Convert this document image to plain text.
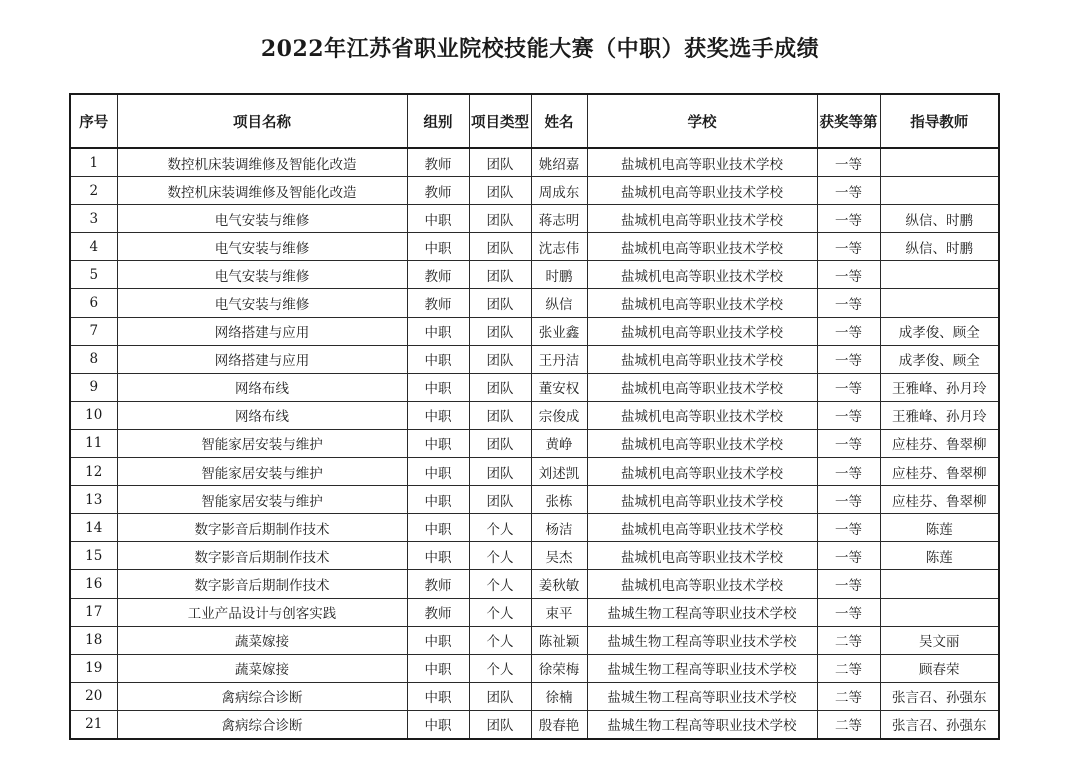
2022年江苏省职业院校技能大赛（中职）获奖选手成绩
序号	项目名称	组别	项目类型	姓名	学校	获奖等第	指导教师
1	数控机床装调维修及智能化改造	教师	团队	姚绍嘉	盐城机电高等职业技术学校	一等	
2	数控机床装调维修及智能化改造	教师	团队	周成东	盐城机电高等职业技术学校	一等	
3	电气安装与维修	中职	团队	蒋志明	盐城机电高等职业技术学校	一等	纵信、时鹏
4	电气安装与维修	中职	团队	沈志伟	盐城机电高等职业技术学校	一等	纵信、时鹏
5	电气安装与维修	教师	团队	时鹏	盐城机电高等职业技术学校	一等	
6	电气安装与维修	教师	团队	纵信	盐城机电高等职业技术学校	一等	
7	网络搭建与应用	中职	团队	张业鑫	盐城机电高等职业技术学校	一等	成孝俊、顾全
8	网络搭建与应用	中职	团队	王丹洁	盐城机电高等职业技术学校	一等	成孝俊、顾全
9	网络布线	中职	团队	董安权	盐城机电高等职业技术学校	一等	王雅峰、孙月玲
10	网络布线	中职	团队	宗俊成	盐城机电高等职业技术学校	一等	王雅峰、孙月玲
11	智能家居安装与维护	中职	团队	黄峥	盐城机电高等职业技术学校	一等	应桂芬、鲁翠柳
12	智能家居安装与维护	中职	团队	刘述凯	盐城机电高等职业技术学校	一等	应桂芬、鲁翠柳
13	智能家居安装与维护	中职	团队	张栋	盐城机电高等职业技术学校	一等	应桂芬、鲁翠柳
14	数字影音后期制作技术	中职	个人	杨洁	盐城机电高等职业技术学校	一等	陈莲
15	数字影音后期制作技术	中职	个人	吴杰	盐城机电高等职业技术学校	一等	陈莲
16	数字影音后期制作技术	教师	个人	姜秋敏	盐城机电高等职业技术学校	一等	
17	工业产品设计与创客实践	教师	个人	束平	盐城生物工程高等职业技术学校	一等	
18	蔬菜嫁接	中职	个人	陈祉颖	盐城生物工程高等职业技术学校	二等	吴文丽
19	蔬菜嫁接	中职	个人	徐荣梅	盐城生物工程高等职业技术学校	二等	顾春荣
20	禽病综合诊断	中职	团队	徐楠	盐城生物工程高等职业技术学校	二等	张言召、孙强东
21	禽病综合诊断	中职	团队	殷春艳	盐城生物工程高等职业技术学校	二等	张言召、孙强东
